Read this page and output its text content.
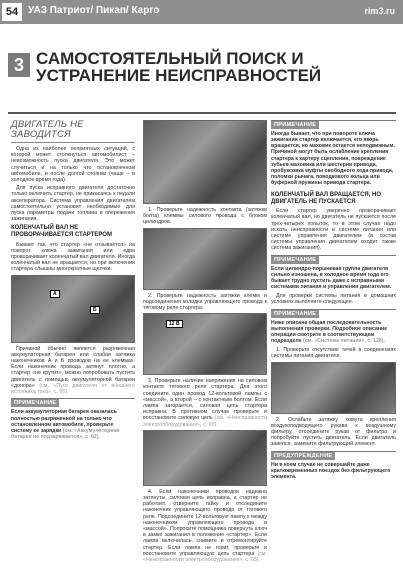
54 УАЗ Патриот/ Пикап/ Карго	rim3.ru
3 САМОСТОЯТЕЛЬНЫЙ ПОИСК И УСТРАНЕНИЕ НЕИСПРАВНОСТЕЙ
ДВИГАТЕЛЬ НЕ ЗАВОДИТСЯ

Одна из наиболее неприятных ситуаций, с которой может столкнуться автомобилист – невозможность пуска двигателя. Это может случиться и на только что остановленном автомобиле, и после долгой стоянки (чаще – в холодное время года).

Для пуска исправного двигателя достаточно только включить стартер, не прикасаясь к педали акселератора. Система управления двигателем самостоятельно установит необходимые для пуска параметры подачи топлива и опережения зажигания.

КОЛЕНЧАТЫЙ ВАЛ НЕ ПРОВОРАЧИВАЕТСЯ СТАРТЕРОМ

Бывает так, что стартер «не отзывается» на поворот ключа зажигания или едва проворачивает коленчатый вал двигателя. Иногда коленчатый вал не вращается, но при включении стартера слышны многократные щелчки.

А
Б

Причиной обычно является разряженная аккумуляторная батарея или слабая затяжка наконечников А и Б проводов на ее клеммах. Если наконечник провода затянут плотно, а стартер «не крутит», можно попробовать пустить двигатель с помощью аккумуляторной батареи «донора» (см. «Пуск двигателя от внешнего источника тока», с. 66).

ПРИМЕЧАНИЕ
Если аккумуляторная батарея оказалась полностью разряженной на только что остановленном автомобиле, проверьте систему ее зарядки (см. «Аккумуляторная батарея не подзаряжается», с. 62).

1. Проверьте надежность контакта (затяжки болта) клеммы силового провода с блоком цилиндров.

2. Проверьте надежность затяжки клемм и подсоединения колодки управляющего провода к тяговому реле стартера.

12 В

3. Проверьте наличие напряжения на силовом контакте тягового реле стартера. Для этого соедините один провод 12-вольтовой лампы с «массой», а второй – с контактным болтом. Если лампа загорается, силовая цепь стартера исправна. В противном случае проверьте и восстановите силовую цепь (см. «Неисправности электрооборудования», с. 65).

4. Если наконечники проводов надежно затянуты, силовая цепь исправна, а стартер не работает, отверните гайку и отсоедините наконечник управляющего провода от тягового реле. Подсоедините 12-вольтовую лампу к между наконечником управляющего провода и «массой». Попросите помощника повернуть ключ в замке зажигания в положение «стартер». Если лампа включилась, снимите и отремонтируйте стартер. Если лампа не горит, проверьте и восстановите управляющую цепь стартера (см. «Неисправности электрооборудования», с. 65).

ПРИМЕЧАНИЕ
Иногда бывает, что при повороте ключа зажигания стартер включается, его якорь вращается, но маховик остается неподвижным. Причиной могут быть ослабление крепления стартера к картеру сцепления, повреждение зубьев маховика или шестерни привода, пробуксовка муфты свободного хода привода, поломки рычага, поводкового кольца или буферной пружины привода стартера.
КОЛЕНЧАТЫЙ ВАЛ ВРАЩАЕТСЯ, НО ДВИГАТЕЛЬ НЕ ПУСКАЕТСЯ

Если стартер уверенно проворачивает коленчатый вал, но двигатель не пускается после трех-четырех попыток, то в этом случае надо искать неисправности в системе питания или системе управления двигателем (в состав системы управления двигателем входит также система зажигания).

ПРИМЕЧАНИЕ
Если цилиндро-поршневая группа двигателя сильно изношена, в холодное время года его бывает трудно пустить даже с исправными системами питания и управления двигателем.

Для проверки системы питания в домашних условиях выполните следующее.

ПРИМЕЧАНИЕ
Ниже описана общая последовательность выполнения проверки. Подробное описание операции смотрите в соответствующем подразделе (см. «Система питания», с. 128).

1. Проверьте отсутствие течей в соединениях системы питания двигателя.

2. Ослабьте затяжку хомута крепления воздухоподводящего рукава к воздушному фильтру, отсоедините рукав от фильтра и попробуйте пустить двигатель. Если двигатель завелся, замените фильтрующий элемент.

ПРЕДУПРЕЖДЕНИЕ
Ни в коем случае не совершайте даже кратковременных поездок без фильтрующего элемента.
